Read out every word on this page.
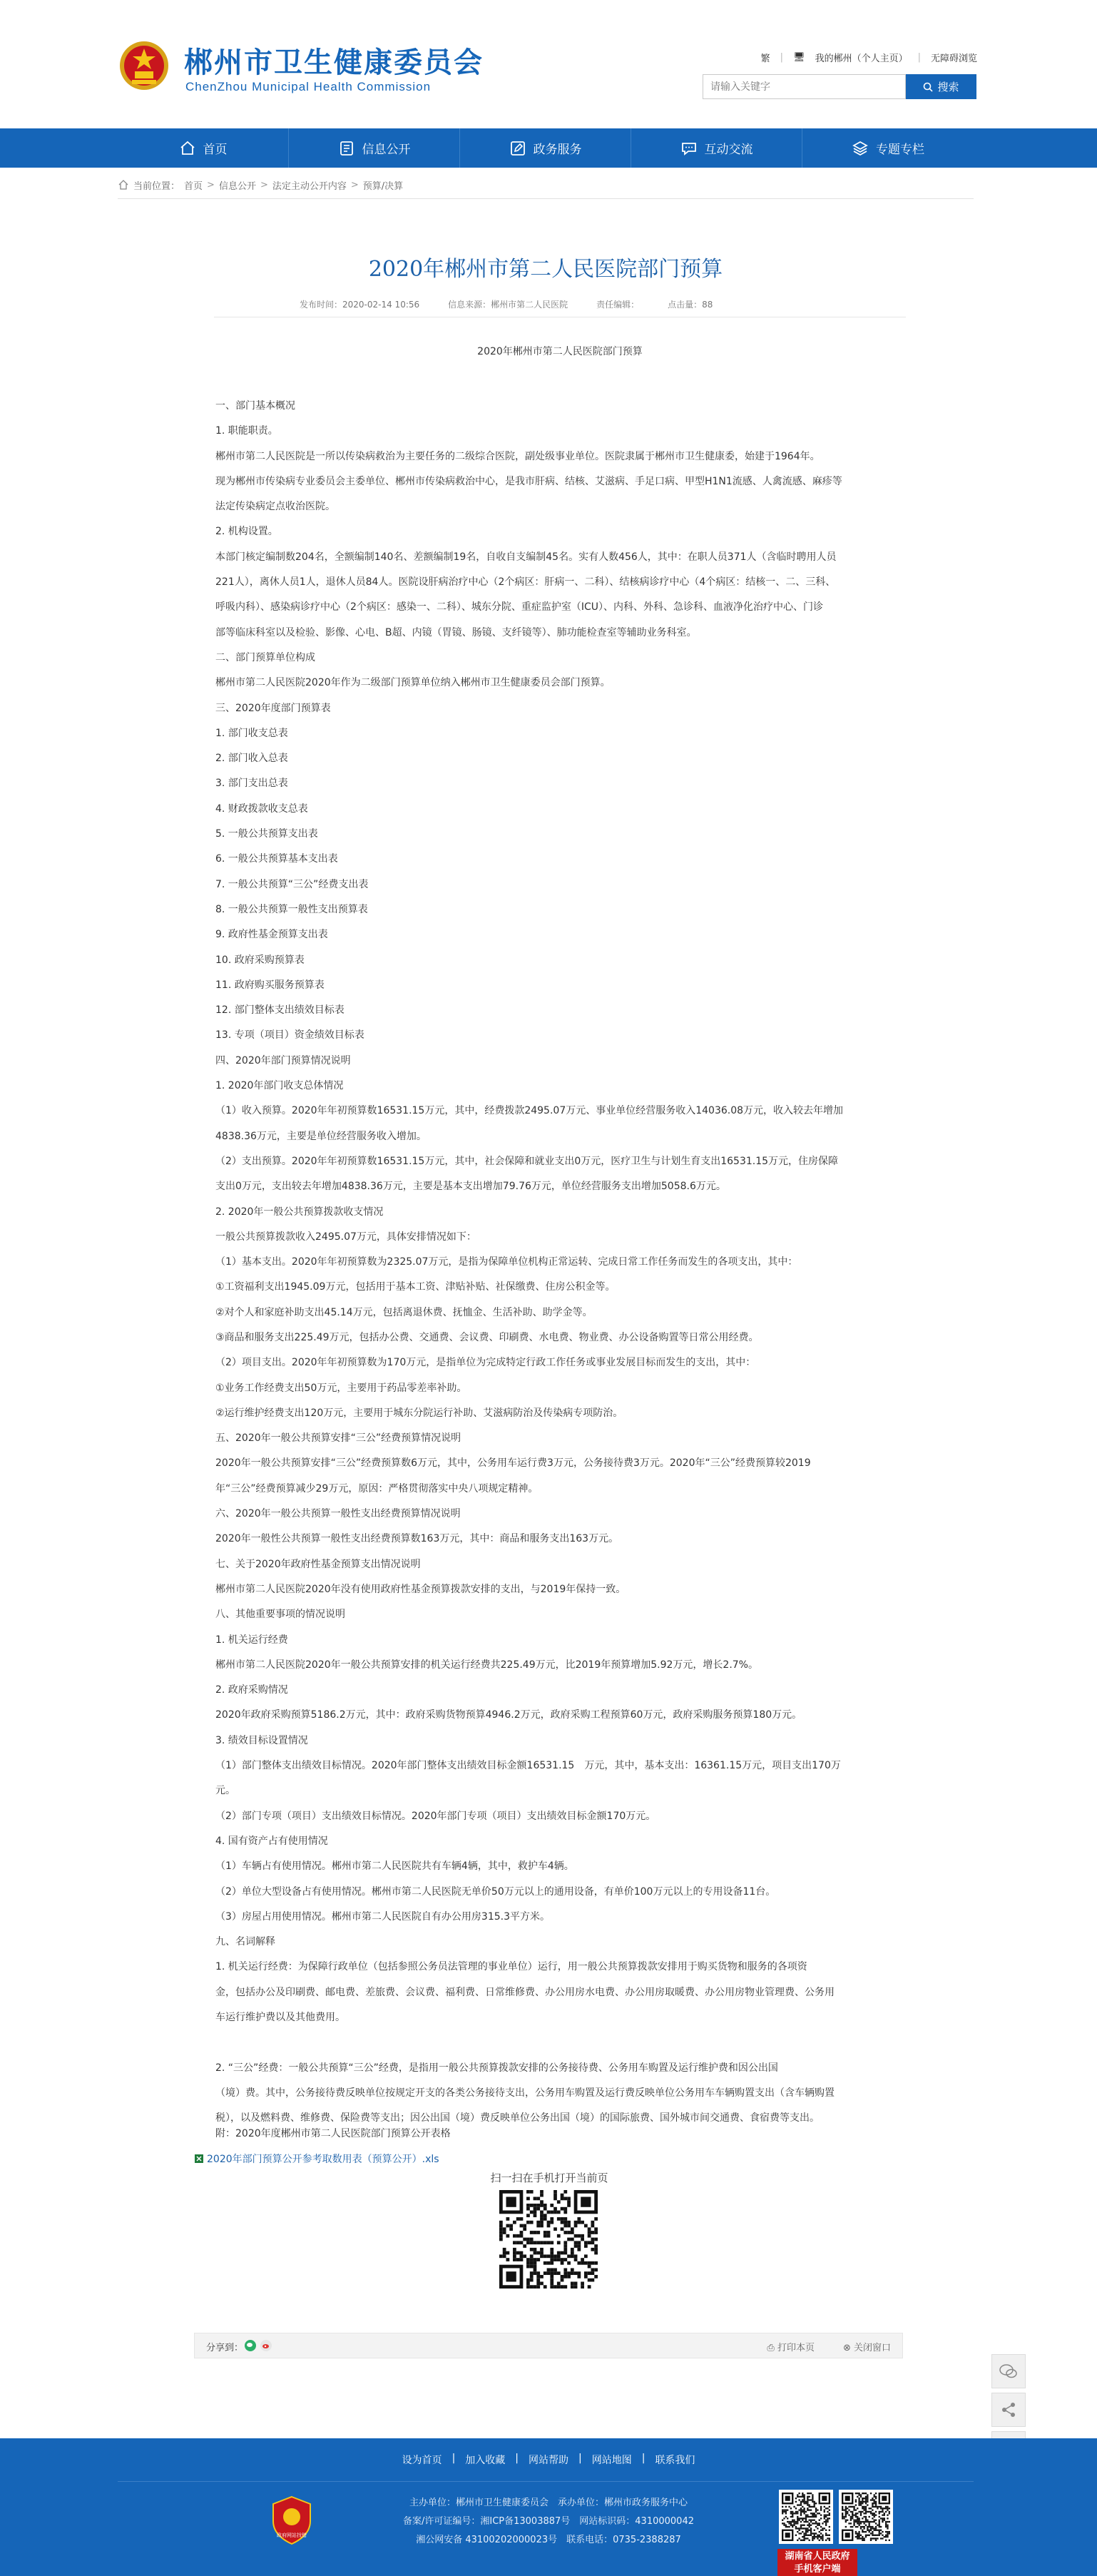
郴州市卫生健康委员会
ChenZhou Municipal Health Commission
繁 | 🖥 我的郴州（个人主页） | 无障碍浏览
请输入关键字
搜索
首页	信息公开	政务服务	互动交流	专题专栏
当前位置： 首页 > 信息公开 > 法定主动公开内容 > 预算/决算
2020年郴州市第二人民医院部门预算
发布时间：2020-02-14 10:56	信息来源：郴州市第二人民医院	责任编辑：	点击量：88
2020年郴州市第二人民医院部门预算

一、部门基本概况

1. 职能职责。

郴州市第二人民医院是一所以传染病救治为主要任务的二级综合医院，副处级事业单位。医院隶属于郴州市卫生健康委，始建于1964年。

现为郴州市传染病专业委员会主委单位、郴州市传染病救治中心，是我市肝病、结核、艾滋病、手足口病、甲型H1N1流感、人禽流感、麻疹等

法定传染病定点收治医院。

2. 机构设置。

本部门核定编制数204名，全额编制140名、差额编制19名，自收自支编制45名。实有人数456人，其中：在职人员371人（含临时聘用人员

221人），离休人员1人，退休人员84人。医院设肝病治疗中心（2个病区：肝病一、二科）、结核病诊疗中心（4个病区：结核一、二、三科、

呼吸内科）、感染病诊疗中心（2个病区：感染一、二科）、城东分院、重症监护室（ICU）、内科、外科、急诊科、血液净化治疗中心、门诊

部等临床科室以及检验、影像、心电、B超、内镜（胃镜、肠镜、支纤镜等）、肺功能检查室等辅助业务科室。

二、部门预算单位构成

郴州市第二人民医院2020年作为二级部门预算单位纳入郴州市卫生健康委员会部门预算。

三、2020年度部门预算表

1. 部门收支总表

2. 部门收入总表

3. 部门支出总表

4. 财政拨款收支总表

5. 一般公共预算支出表

6. 一般公共预算基本支出表

7. 一般公共预算“三公”经费支出表

8. 一般公共预算一般性支出预算表

9. 政府性基金预算支出表

10. 政府采购预算表

11. 政府购买服务预算表

12. 部门整体支出绩效目标表

13. 专项（项目）资金绩效目标表

四、2020年部门预算情况说明

1. 2020年部门收支总体情况

（1）收入预算。2020年年初预算数16531.15万元，其中，经费拨款2495.07万元、事业单位经营服务收入14036.08万元，收入较去年增加

4838.36万元，主要是单位经营服务收入增加。

（2）支出预算。2020年年初预算数16531.15万元，其中，社会保障和就业支出0万元，医疗卫生与计划生育支出16531.15万元，住房保障

支出0万元，支出较去年增加4838.36万元，主要是基本支出增加79.76万元，单位经营服务支出增加5058.6万元。

2. 2020年一般公共预算拨款收支情况

一般公共预算拨款收入2495.07万元，具体安排情况如下：

（1）基本支出。2020年年初预算数为2325.07万元，是指为保障单位机构正常运转、完成日常工作任务而发生的各项支出，其中：

①工资福利支出1945.09万元，包括用于基本工资、津贴补贴、社保缴费、住房公积金等。

②对个人和家庭补助支出45.14万元，包括离退休费、抚恤金、生活补助、助学金等。

③商品和服务支出225.49万元，包括办公费、交通费、会议费、印刷费、水电费、物业费、办公设备购置等日常公用经费。

（2）项目支出。2020年年初预算数为170万元，是指单位为完成特定行政工作任务或事业发展目标而发生的支出，其中：

①业务工作经费支出50万元，主要用于药品零差率补助。

②运行维护经费支出120万元，主要用于城东分院运行补助、艾滋病防治及传染病专项防治。

五、2020年一般公共预算安排“三公”经费预算情况说明

2020年一般公共预算安排“三公”经费预算数6万元，其中，公务用车运行费3万元，公务接待费3万元。2020年“三公”经费预算较2019

年“三公”经费预算减少29万元，原因：严格贯彻落实中央八项规定精神。

六、2020年一般公共预算一般性支出经费预算情况说明

2020年一般性公共预算一般性支出经费预算数163万元，其中：商品和服务支出163万元。

七、关于2020年政府性基金预算支出情况说明

郴州市第二人民医院2020年没有使用政府性基金预算拨款安排的支出，与2019年保持一致。

八、其他重要事项的情况说明

1. 机关运行经费

郴州市第二人民医院2020年一般公共预算安排的机关运行经费共225.49万元，比2019年预算增加5.92万元，增长2.7%。

2. 政府采购情况

2020年政府采购预算5186.2万元，其中：政府采购货物预算4946.2万元，政府采购工程预算60万元，政府采购服务预算180万元。

3. 绩效目标设置情况

（1）部门整体支出绩效目标情况。2020年部门整体支出绩效目标金额16531.15　万元，其中，基本支出：16361.15万元，项目支出170万

元。

（2）部门专项（项目）支出绩效目标情况。2020年部门专项（项目）支出绩效目标金额170万元。

4. 国有资产占有使用情况

（1）车辆占有使用情况。郴州市第二人民医院共有车辆4辆，其中，救护车4辆。

（2）单位大型设备占有使用情况。郴州市第二人民医院无单价50万元以上的通用设备，有单价100万元以上的专用设备11台。

（3）房屋占用使用情况。郴州市第二人民医院自有办公用房315.3平方米。

九、名词解释

1. 机关运行经费：为保障行政单位（包括参照公务员法管理的事业单位）运行，用一般公共预算拨款安排用于购买货物和服务的各项资

金，包括办公及印刷费、邮电费、差旅费、会议费、福利费、日常维修费、办公用房水电费、办公用房取暖费、办公用房物业管理费、公务用

车运行维护费以及其他费用。

2. “三公”经费：一般公共预算“三公”经费，是指用一般公共预算拨款安排的公务接待费、公务用车购置及运行维护费和因公出国

（境）费。其中，公务接待费反映单位按规定开支的各类公务接待支出，公务用车购置及运行费反映单位公务用车车辆购置支出（含车辆购置

税），以及燃料费、维修费、保险费等支出；因公出国（境）费反映单位公务出国（境）的国际旅费、国外城市间交通费、食宿费等支出。

附：2020年度郴州市第二人民医院部门预算公开表格
2020年部门预算公开参考取数用表（预算公开）.xls
扫一扫在手机打开当前页
分享到：	⎙ 打印本页	⊗ 关闭窗口
设为首页 | 加入收藏 | 网站帮助 | 网站地图 | 联系我们
主办单位：郴州市卫生健康委员会　承办单位：郴州市政务服务中心
备案/许可证编号：湘ICP备13003887号　网站标识码：4310000042
湘公网安备 43100202000023号　联系电话：0735-2388287
政府网站找错
湖南省人民政府
手机客户端
